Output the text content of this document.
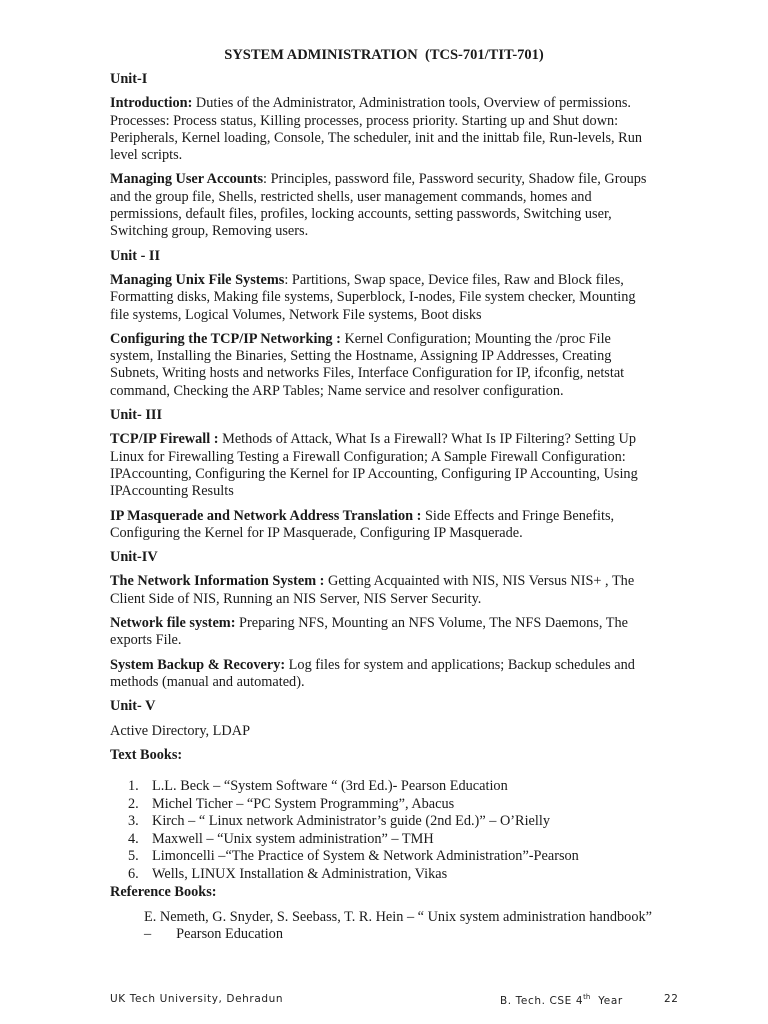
SYSTEM ADMINISTRATION  (TCS-701/TIT-701)
Unit-I
Introduction: Duties of the Administrator, Administration tools, Overview of permissions. Processes: Process status, Killing processes, process priority. Starting up and Shut down: Peripherals, Kernel loading, Console, The scheduler, init and the inittab file, Run-levels, Run level scripts.
Managing User Accounts: Principles, password file, Password security, Shadow file, Groups and the group file, Shells, restricted shells, user management commands, homes and permissions, default files, profiles, locking accounts, setting passwords, Switching user, Switching group, Removing users.
Unit - II
Managing Unix File Systems: Partitions, Swap space, Device files, Raw and Block files, Formatting disks, Making file systems, Superblock, I-nodes, File system checker, Mounting file systems, Logical Volumes, Network File systems, Boot disks
Configuring the TCP/IP Networking : Kernel Configuration; Mounting the /proc File system, Installing the Binaries, Setting the Hostname, Assigning IP Addresses, Creating Subnets, Writing hosts and networks Files, Interface Configuration for IP, ifconfig, netstat command, Checking the ARP Tables; Name service and resolver configuration.
Unit- III
TCP/IP Firewall : Methods of Attack, What Is a Firewall? What Is IP Filtering? Setting Up Linux for Firewalling Testing a Firewall Configuration; A Sample Firewall Configuration: IPAccounting, Configuring the Kernel for IP Accounting, Configuring IP Accounting, Using IPAccounting Results
IP Masquerade and Network Address Translation : Side Effects and Fringe Benefits, Configuring the Kernel for IP Masquerade, Configuring IP Masquerade.
Unit-IV
The Network Information System : Getting Acquainted with NIS, NIS Versus NIS+ , The Client Side of NIS, Running an NIS Server, NIS Server Security.
Network file system: Preparing NFS, Mounting an NFS Volume, The NFS Daemons, The exports File.
System Backup & Recovery: Log files for system and applications; Backup schedules and methods (manual and automated).
Unit- V
Active Directory, LDAP
Text Books:
1. L.L. Beck – “System Software “ (3rd Ed.)- Pearson Education
2. Michel Ticher – “PC System Programming”, Abacus
3. Kirch – “ Linux network Administrator’s guide (2nd Ed.)” – O’Rielly
4. Maxwell – “Unix system administration” – TMH
5. Limoncelli –“The Practice of System & Network Administration”-Pearson
6. Wells, LINUX Installation & Administration, Vikas
Reference Books:
E. Nemeth, G. Snyder, S. Seebass, T. R. Hein – “ Unix system administration handbook” –       Pearson Education
UK Tech University, Dehradun	B. Tech. CSE 4th  Year	22
